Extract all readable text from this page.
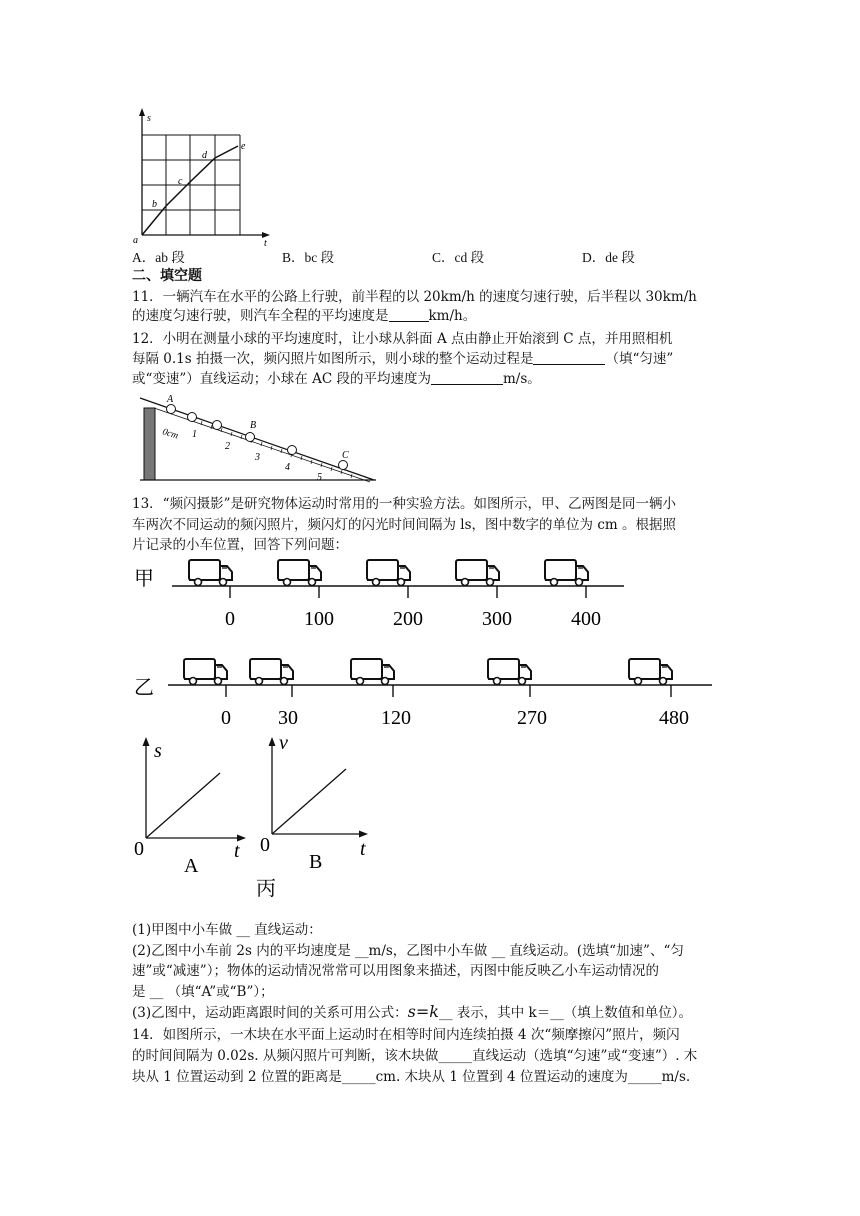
s
t
a
b
c
d
e
A．ab 段	B．bc 段	C．cd 段	D．de 段
二、填空题
11．一辆汽车在水平的公路上行驶，前半程的以 20km/h 的速度匀速行驶，后半程以 30km/h
的速度匀速行驶，则汽车全程的平均速度是	km/h。
12．小明在测量小球的平均速度时，让小球从斜面 A 点由静止开始滚到 C 点，并用照相机
每隔 0.1s 拍摄一次，频闪照片如图所示，则小球的整个运动过程是	（填“匀速”
或“变速”）直线运动；小球在 AC 段的平均速度为	m/s。
A
B
C
0cm 1
2
3
4
5
13．“频闪摄影”是研究物体运动时常用的一种实验方法。如图所示，甲、乙两图是同一辆小
车两次不同运动的频闪照片，频闪灯的闪光时间间隔为 ls，图中数字的单位为 cm 。根据照
片记录的小车位置，回答下列问题：
甲
0	100	200	300	400
乙
0 30	120	270	480
s
t
0
A
v
t
0
B
丙
(1)甲图中小车做 __ 直线运动：
(2)乙图中小车前 2s 内的平均速度是 __m/s，乙图中小车做 __ 直线运动。(选填“加速”、“匀
速”或“减速”）；物体的运动情况常常可以用图象来描述，丙图中能反映乙小车运动情况的
是 __ （填“A”或“B”）；
(3)乙图中，运动距离跟时间的关系可用公式：s=k__ 表示，其中 k＝__（填上数值和单位）。
14．如图所示，一木块在水平面上运动时在相等时间内连续拍摄 4 次“频摩擦闪”照片，频闪
的时间间隔为 0.02s. 从频闪照片可判断，该木块做_____直线运动（选填“匀速”或“变速”）. 木
块从 1 位置运动到 2 位置的距离是_____cm. 木块从 1 位置到 4 位置运动的速度为_____m/s.
